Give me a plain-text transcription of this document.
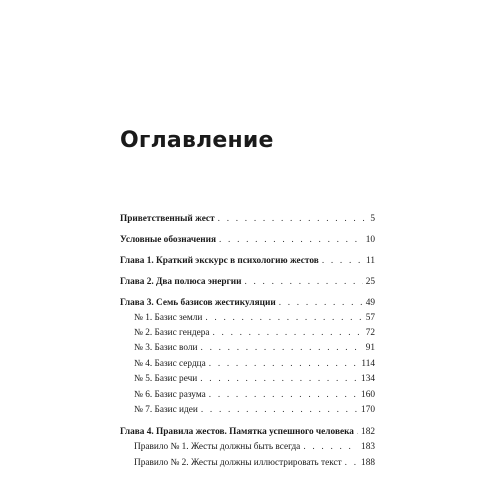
Оглавление
Приветственный жест . . .	5
Условные обозначения . . .	10
Глава 1. Краткий экскурс в психологию жестов . . .	11
Глава 2. Два полюса энергии . . .	25
Глава 3. Семь базисов жестикуляции . . .	49
№ 1. Базис земли . . .	57
№ 2. Базис гендера . . .	72
№ 3. Базис воли . . .	91
№ 4. Базис сердца . . .	114
№ 5. Базис речи . . .	134
№ 6. Базис разума . . .	160
№ 7. Базис идеи . . .	170
Глава 4. Правила жестов. Памятка успешного человека . . . 182
Правило № 1. Жесты должны быть всегда . . .	183
Правило № 2. Жесты должны иллюстрировать текст . . . 188
